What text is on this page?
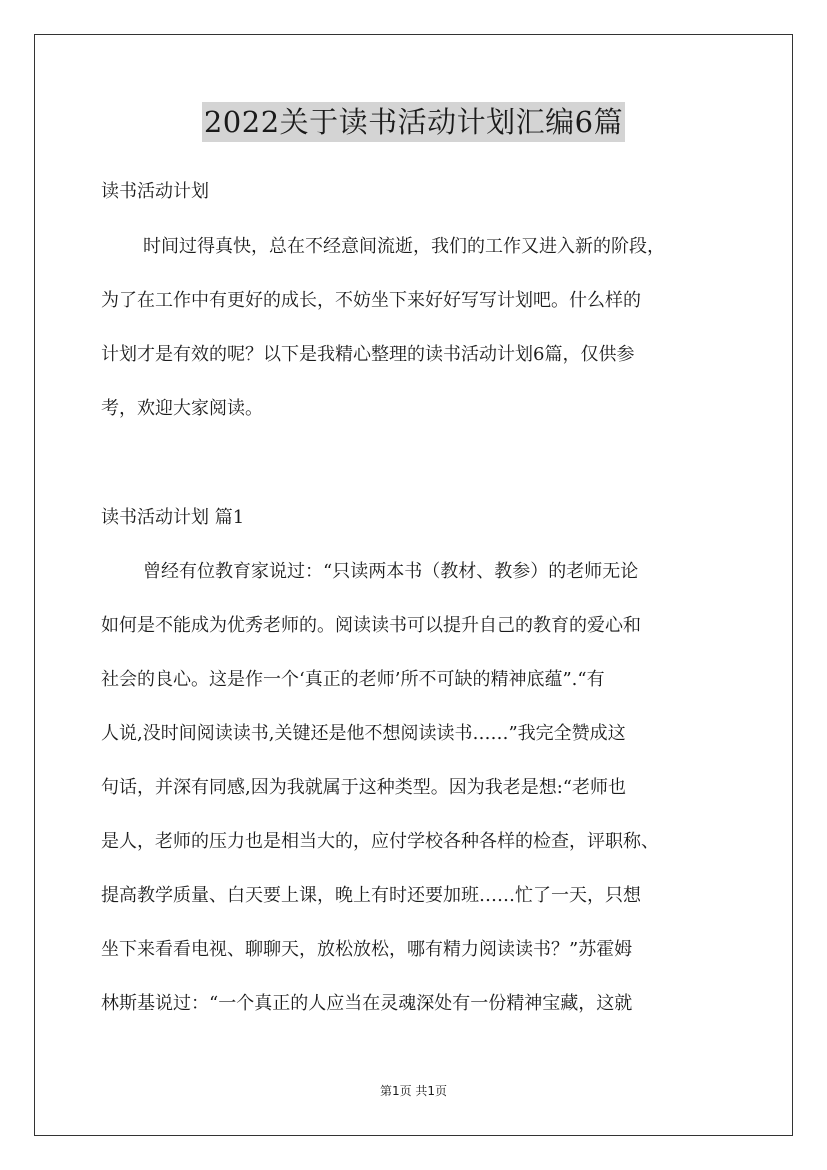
2022关于读书活动计划汇编6篇

读书活动计划

时间过得真快，总在不经意间流逝，我们的工作又进入新的阶段，

为了在工作中有更好的成长，不妨坐下来好好写写计划吧。什么样的

计划才是有效的呢？以下是我精心整理的读书活动计划6篇，仅供参

考，欢迎大家阅读。

读书活动计划 篇1

曾经有位教育家说过：“只读两本书（教材、教参）的老师无论

如何是不能成为优秀老师的。阅读读书可以提升自己的教育的爱心和

社会的良心。这是作一个‘真正的老师’所不可缺的精神底蕴”.“有

人说,没时间阅读读书,关键还是他不想阅读读书……”我完全赞成这

句话，并深有同感,因为我就属于这种类型。因为我老是想:“老师也

是人，老师的压力也是相当大的，应付学校各种各样的检查，评职称、

提高教学质量、白天要上课，晚上有时还要加班……忙了一天，只想

坐下来看看电视、聊聊天，放松放松，哪有精力阅读读书？”苏霍姆

林斯基说过：“一个真正的人应当在灵魂深处有一份精神宝藏，这就

第1页 共1页
